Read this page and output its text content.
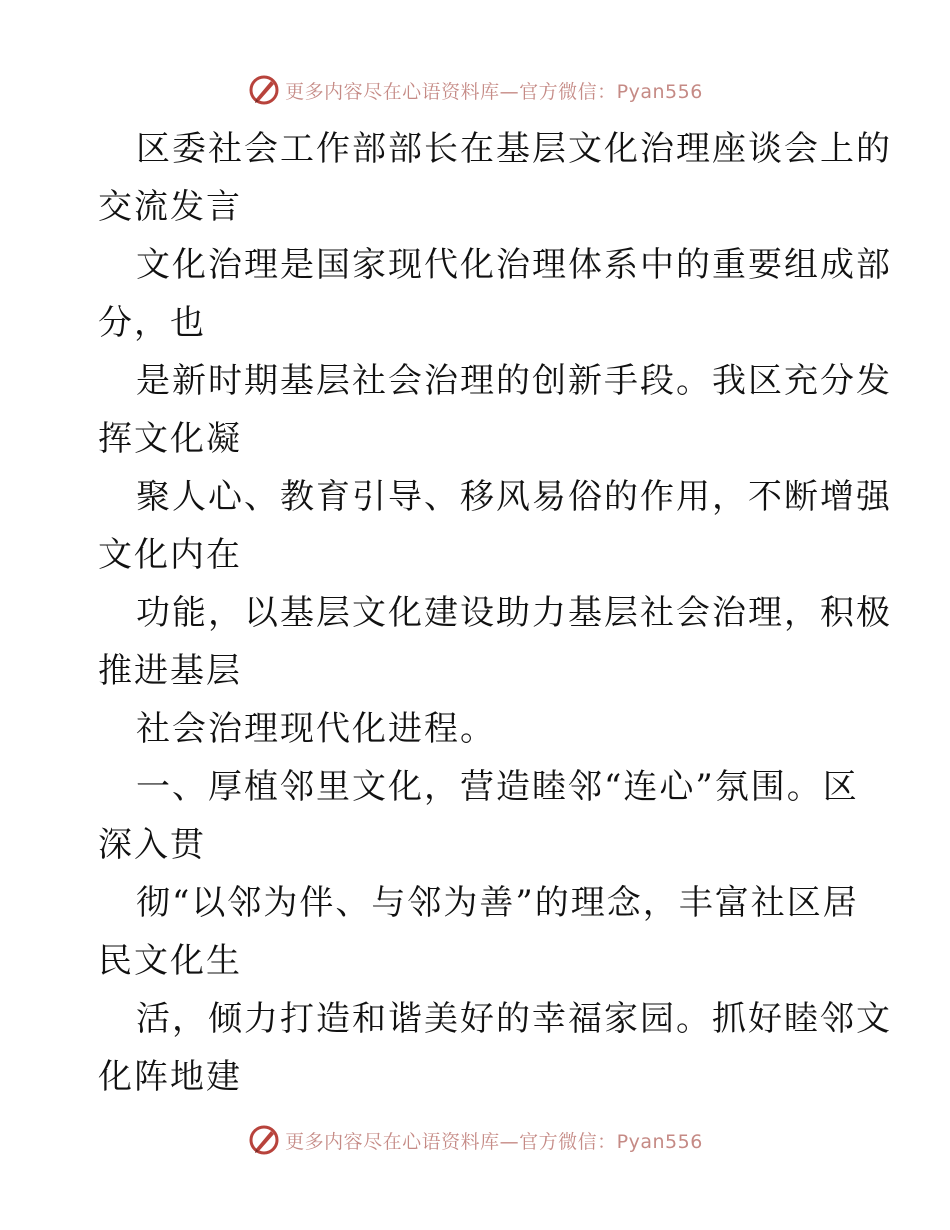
更多内容尽在心语资料库—官方微信：Pyan556
区委社会工作部部长在基层文化治理座谈会上的
交流发言
文化治理是国家现代化治理体系中的重要组成部
分，也
是新时期基层社会治理的创新手段。我区充分发
挥文化凝
聚人心、教育引导、移风易俗的作用，不断增强
文化内在
功能，以基层文化建设助力基层社会治理，积极
推进基层
社会治理现代化进程。
一、厚植邻里文化，营造睦邻“连心”氛围。区
深入贯
彻“以邻为伴、与邻为善”的理念，丰富社区居
民文化生
活，倾力打造和谐美好的幸福家园。抓好睦邻文
化阵地建
更多内容尽在心语资料库—官方微信：Pyan556
